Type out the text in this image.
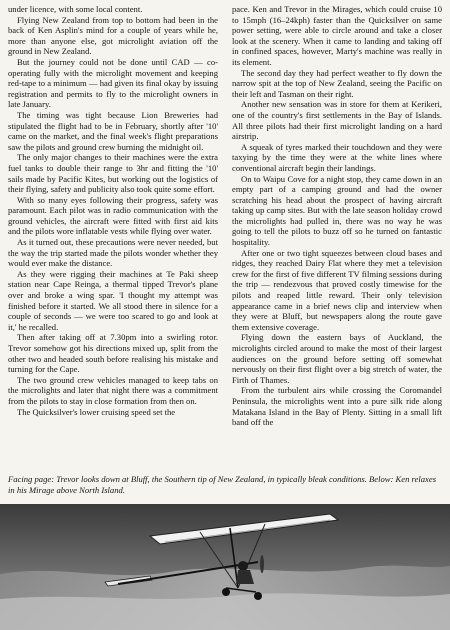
under licence, with some local content.

Flying New Zealand from top to bottom had been in the back of Ken Asplin's mind for a couple of years while he, more than anyone else, got microlight aviation off the ground in New Zealand.

But the journey could not be done until CAD — co-operating fully with the microlight movement and keeping red-tape to a minimum — had given its final okay by issuing registration and permits to fly to the microlight owners in late January.

The timing was tight because Lion Breweries had stipulated the flight had to be in February, shortly after '10' came on the market, and the final week's flight preparations saw the pilots and ground crew burning the midnight oil.

The only major changes to their machines were the extra fuel tanks to double their range to 3hr and fitting the '10' sails made by Pacific Kites, but working out the logistics of their flying, safety and publicity also took quite some effort.

With so many eyes following their progress, safety was paramount. Each pilot was in radio communication with the ground vehicles, the aircraft were fitted with first aid kits and the pilots wore inflatable vests while flying over water.

As it turned out, these precautions were never needed, but the way the trip started made the pilots wonder whether they would ever make the distance.

As they were rigging their machines at Te Paki sheep station near Cape Reinga, a thermal tipped Trevor's plane over and broke a wing spar. 'I thought my attempt was finished before it started. We all stood there in silence for a couple of seconds — we were too scared to go and look at it,' he recalled.

Then after taking off at 7.30pm into a swirling rotor. Trevor somehow got his directions mixed up, split from the other two and headed south before realising his mistake and turning for the Cape.

The two ground crew vehicles managed to keep tabs on the microlights and later that night there was a commitment from the pilots to stay in close formation from then on.

The Quicksilver's lower cruising speed set the

pace. Ken and Trevor in the Mirages, which could cruise 10 to 15mph (16–24kph) faster than the Quicksilver on same power setting, were able to circle around and take a closer look at the scenery. When it came to landing and taking off in confined spaces, however, Marty's machine was really in its element.

The second day they had perfect weather to fly down the narrow spit at the top of New Zealand, seeing the Pacific on their left and Tasman on their right.

Another new sensation was in store for them at Kerikeri, one of the country's first settlements in the Bay of Islands. All three pilots had their first microlight landing on a hard airstrip.

A squeak of tyres marked their touchdown and they were taxying by the time they were at the white lines where conventional aircraft begin their landings.

On to Waipu Cove for a night stop, they came down in an empty part of a camping ground and had the owner scratching his head about the prospect of having aircraft taking up camp sites. But with the late season holiday crowd the microlights had pulled in, there was no way he was going to tell the pilots to buzz off so he turned on fantastic hospitality.

After one or two tight squeezes between cloud bases and ridges, they reached Dairy Flat where they met a television crew for the first of five different TV filming sessions during the trip — rendezvous that proved costly timewise for the pilots and reaped little reward. Their only television appearance came in a brief news clip and interview when they were at Bluff, but newspapers along the route gave them extensive coverage.

Flying down the eastern bays of Auckland, the microlights circled around to make the most of their largest audiences on the ground before setting off somewhat nervously on their first flight over a big stretch of water, the Firth of Thames.

From the turbulent airs while crossing the Coromandel Peninsula, the microlights went into a pure silk ride along Matakana Island in the Bay of Plenty. Sitting in a small lift band off the

Facing page: Trevor looks down at Bluff, the Southern tip of New Zealand, in typically bleak conditions. Below: Ken relaxes in his Mirage above North Island.
